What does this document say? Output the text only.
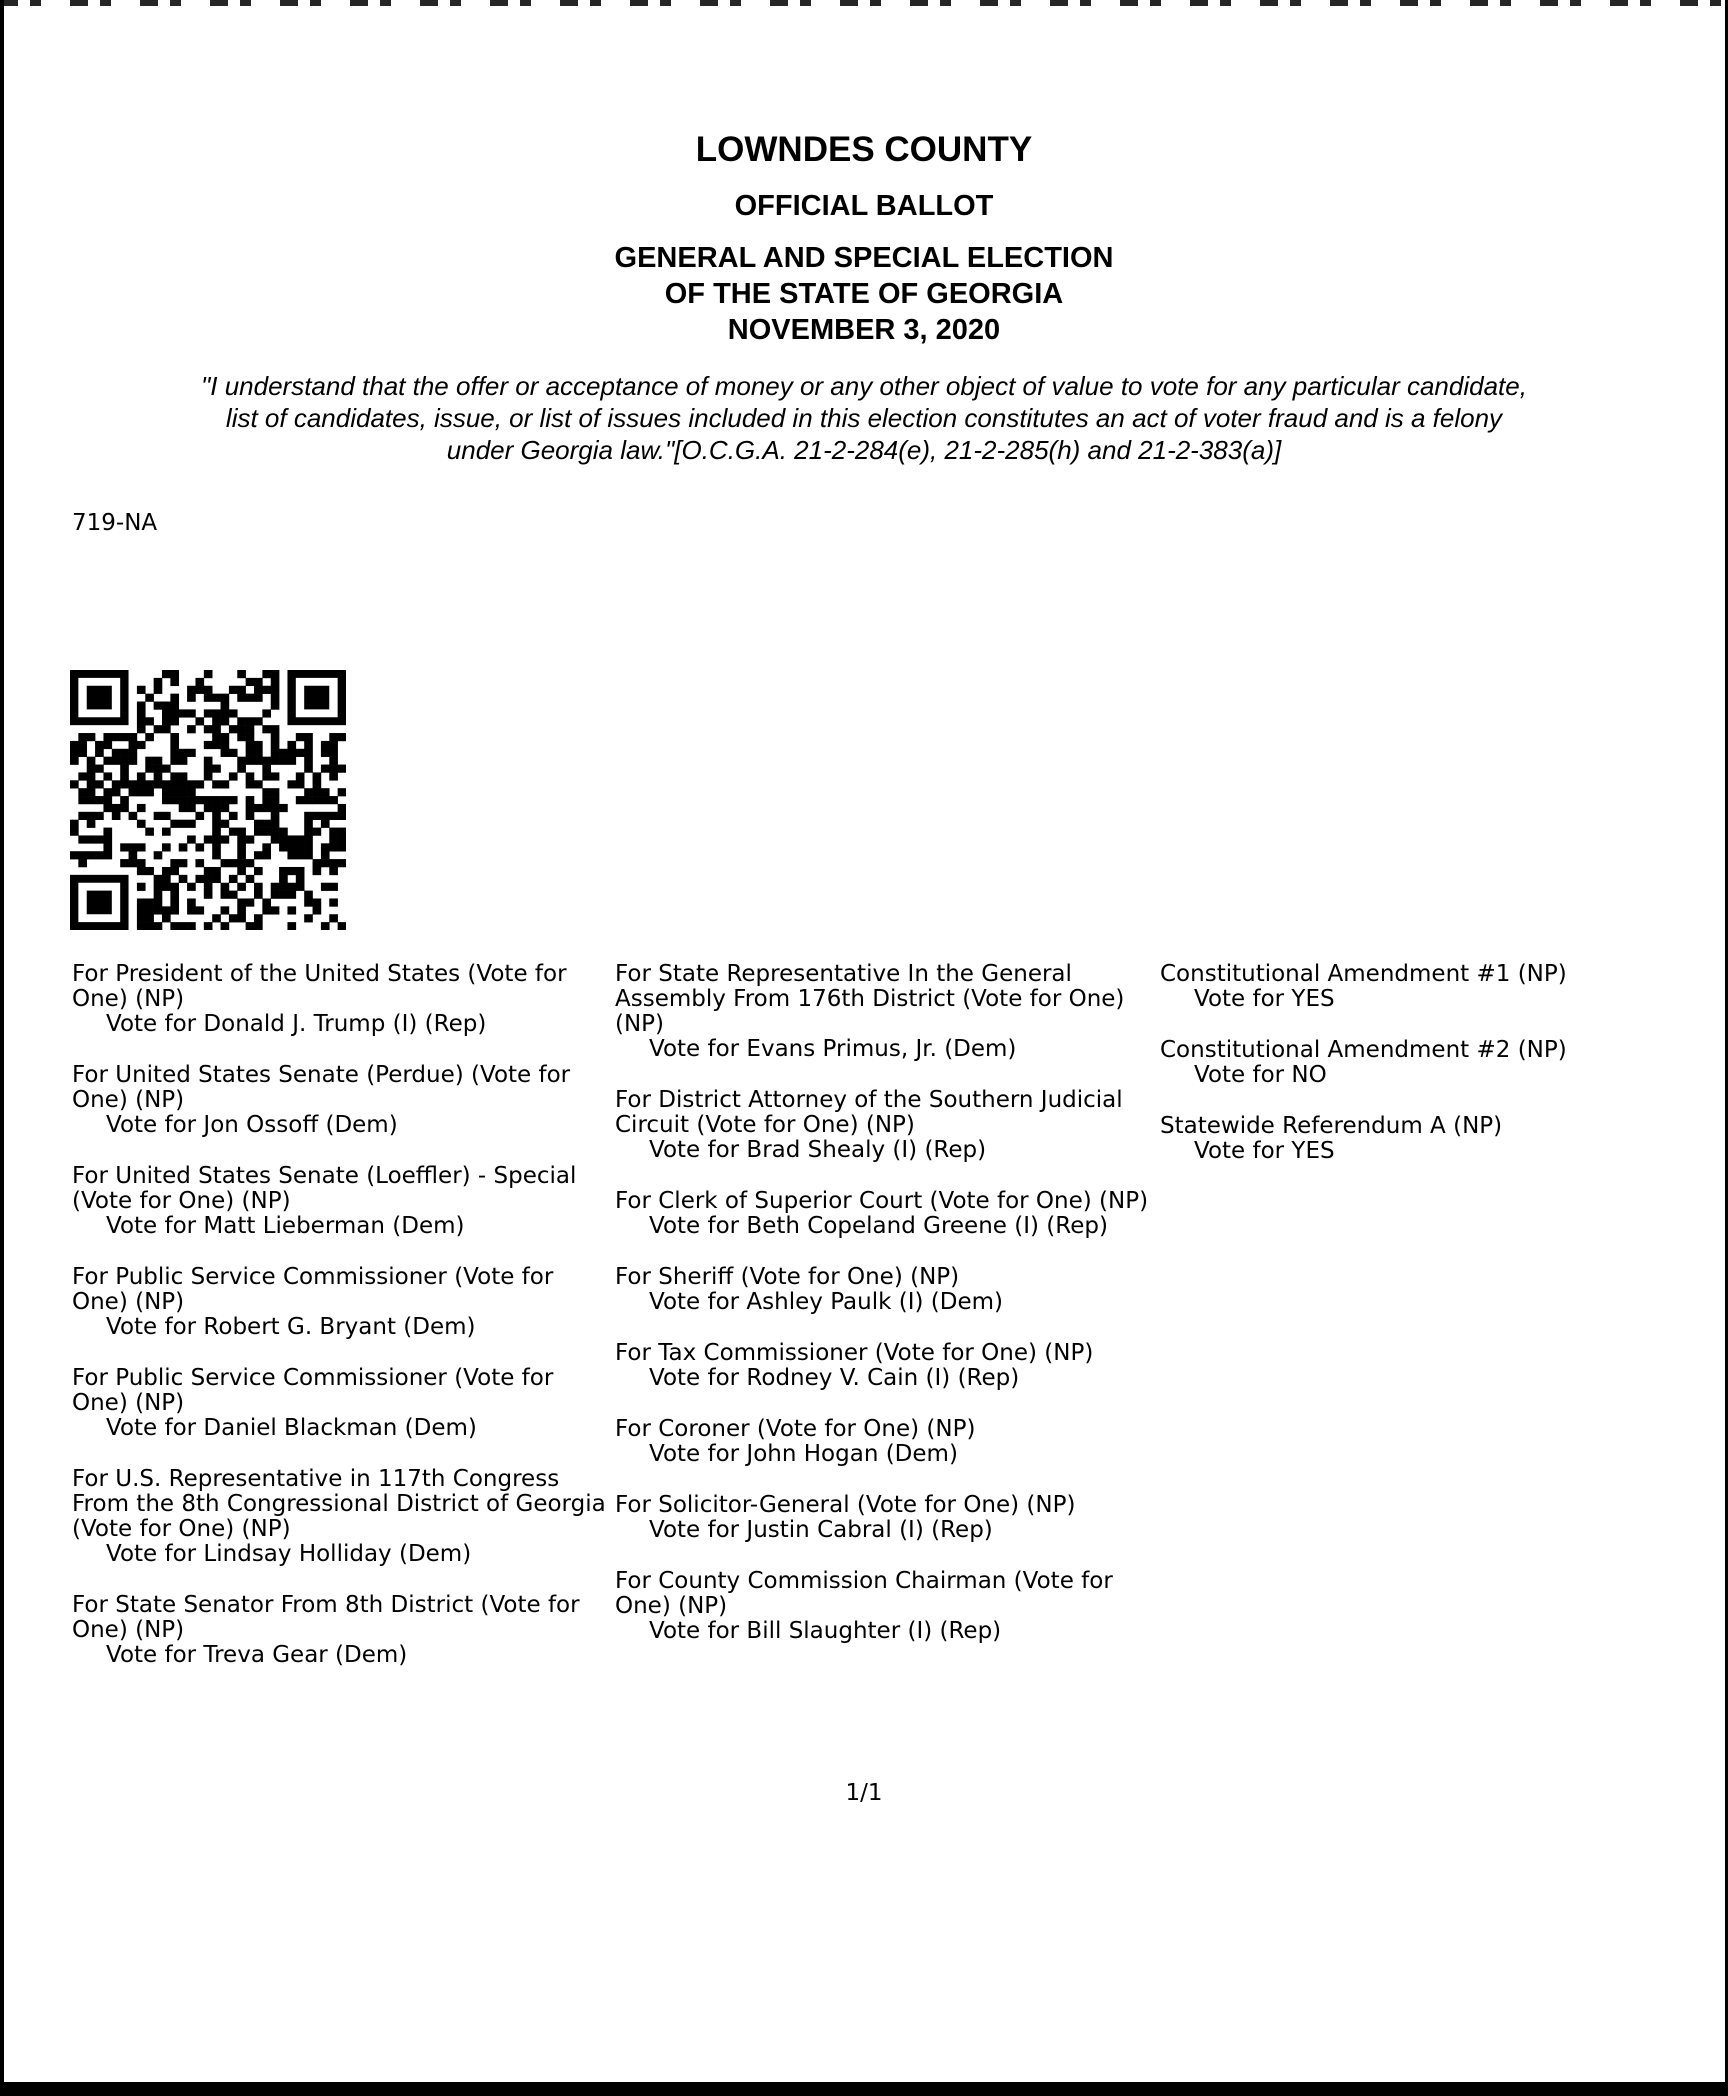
LOWNDES COUNTY
OFFICIAL BALLOT
GENERAL AND SPECIAL ELECTION
OF THE STATE OF GEORGIA
NOVEMBER 3, 2020
"I understand that the offer or acceptance of money or any other object of value to vote for any particular candidate,
list of candidates, issue, or list of issues included in this election constitutes an act of voter fraud and is a felony
under Georgia law."[O.C.G.A. 21-2-284(e), 21-2-285(h) and 21-2-383(a)]
719-NA
For President of the United States (Vote for One) (NP)
Vote for Donald J. Trump (I) (Rep)
For United States Senate (Perdue) (Vote for One) (NP)
Vote for Jon Ossoff (Dem)
For United States Senate (Loeffler) - Special (Vote for One) (NP)
Vote for Matt Lieberman (Dem)
For Public Service Commissioner (Vote for One) (NP)
Vote for Robert G. Bryant (Dem)
For Public Service Commissioner (Vote for One) (NP)
Vote for Daniel Blackman (Dem)
For U.S. Representative in 117th Congress From the 8th Congressional District of Georgia (Vote for One) (NP)
Vote for Lindsay Holliday (Dem)
For State Senator From 8th District (Vote for One) (NP)
Vote for Treva Gear (Dem)
For State Representative In the General Assembly From 176th District (Vote for One) (NP)
Vote for Evans Primus, Jr. (Dem)
For District Attorney of the Southern Judicial Circuit (Vote for One) (NP)
Vote for Brad Shealy (I) (Rep)
For Clerk of Superior Court (Vote for One) (NP)
Vote for Beth Copeland Greene (I) (Rep)
For Sheriff (Vote for One) (NP)
Vote for Ashley Paulk (I) (Dem)
For Tax Commissioner (Vote for One) (NP)
Vote for Rodney V. Cain (I) (Rep)
For Coroner (Vote for One) (NP)
Vote for John Hogan (Dem)
For Solicitor-General (Vote for One) (NP)
Vote for Justin Cabral (I) (Rep)
For County Commission Chairman (Vote for One) (NP)
Vote for Bill Slaughter (I) (Rep)
Constitutional Amendment #1 (NP)
Vote for YES
Constitutional Amendment #2 (NP)
Vote for NO
Statewide Referendum A (NP)
Vote for YES
1/1
